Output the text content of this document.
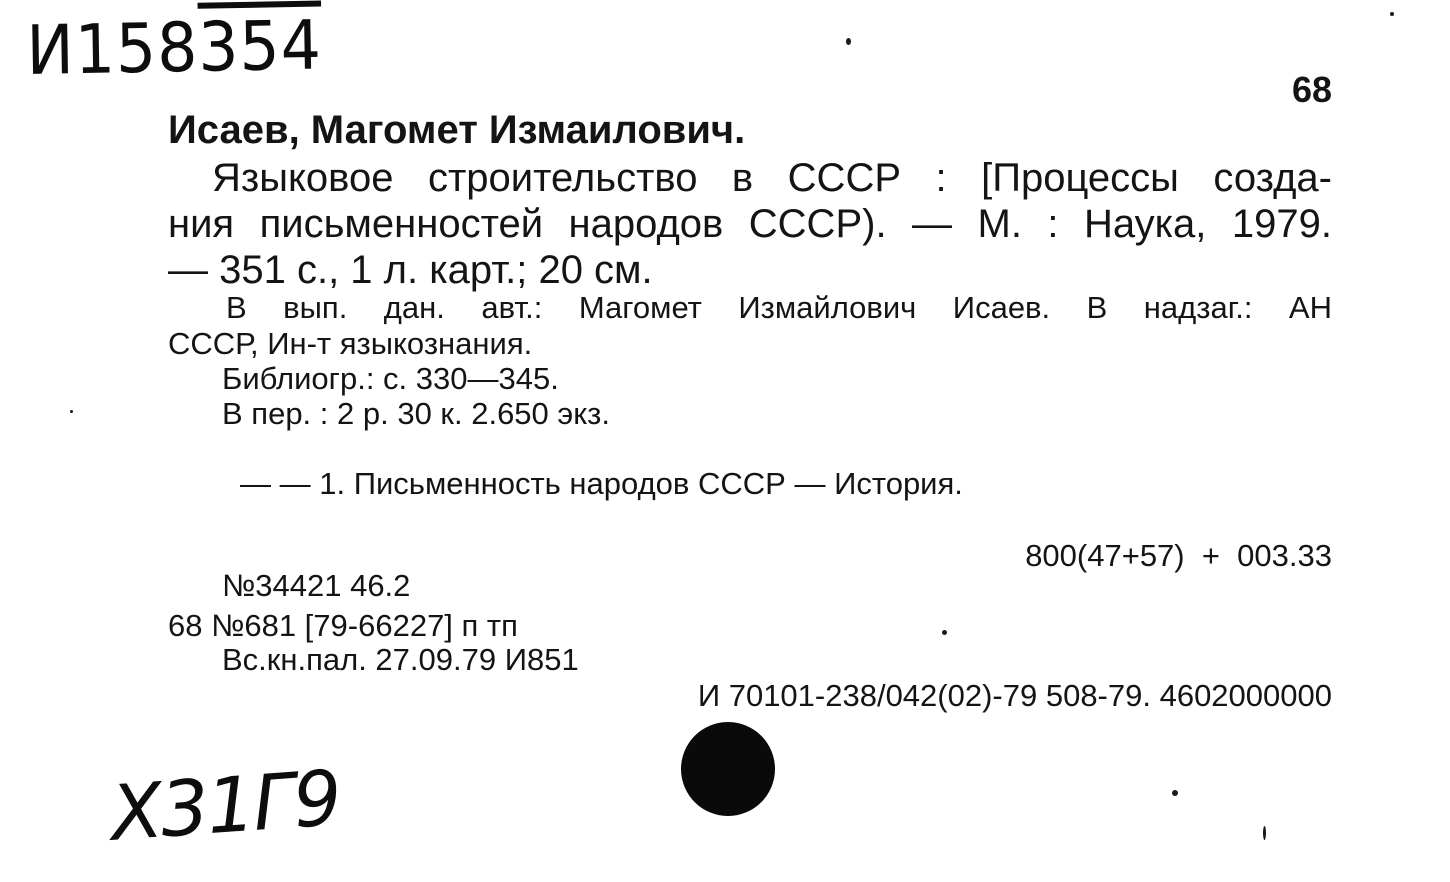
И158354
68
Исаев, Магомет Измаилович.
Языковое строительство в СССР : [Процессы созда-
ния письменностей народов СССР). — М. : Наука, 1979.
— 351 с., 1 л. карт.; 20 см.
В вып. дан. авт.: Магомет Измайлович Исаев. В надзаг.: АН
СССР, Ин-т языкознания.
Библиогр.: с. 330—345.
В пер. : 2 р. 30 к. 2.650 экз.
— — 1. Письменность народов СССР — История.
800(47+57)  +  003.33
№34421 46.2
68 №681 [79-66227] п тп
Вс.кн.пал. 27.09.79 И851
И 70101-238/042(02)-79 508-79. 4602000000
Х31Г9
